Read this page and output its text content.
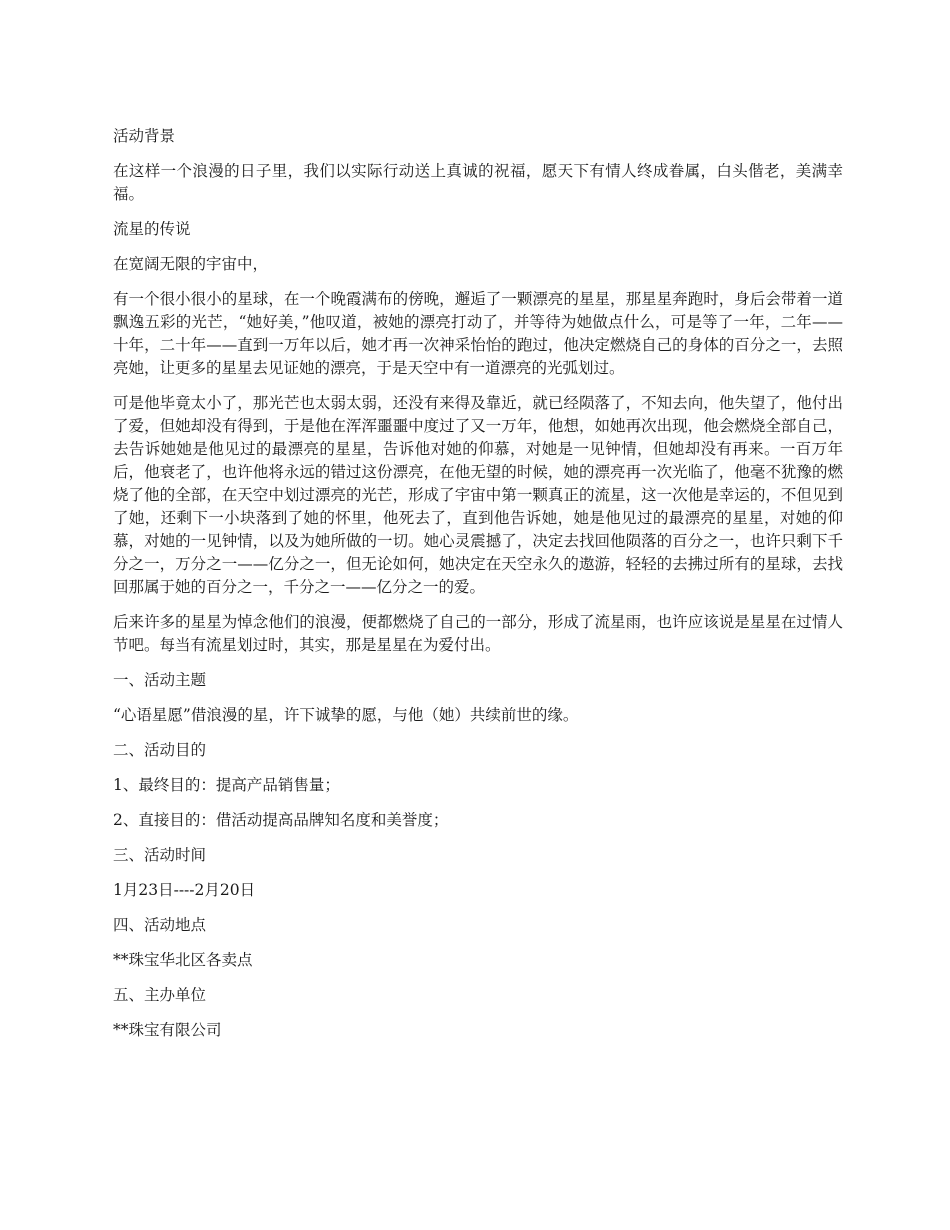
活动背景

在这样一个浪漫的日子里，我们以实际行动送上真诚的祝福，愿天下有情人终成眷属，白头偕老，美满幸福。

流星的传说

在宽阔无限的宇宙中，

有一个很小很小的星球，在一个晚霞满布的傍晚，邂逅了一颗漂亮的星星，那星星奔跑时，身后会带着一道飘逸五彩的光芒，“她好美，”他叹道，被她的漂亮打动了，并等待为她做点什么，可是等了一年，二年——十年，二十年——直到一万年以后，她才再一次神采怡怡的跑过，他决定燃烧自己的身体的百分之一，去照亮她，让更多的星星去见证她的漂亮，于是天空中有一道漂亮的光弧划过。

可是他毕竟太小了，那光芒也太弱太弱，还没有来得及靠近，就已经陨落了，不知去向，他失望了，他付出了爱，但她却没有得到，于是他在浑浑噩噩中度过了又一万年，他想，如她再次出现，他会燃烧全部自己，去告诉她她是他见过的最漂亮的星星，告诉他对她的仰慕，对她是一见钟情，但她却没有再来。一百万年后，他衰老了，也许他将永远的错过这份漂亮，在他无望的时候，她的漂亮再一次光临了，他毫不犹豫的燃烧了他的全部，在天空中划过漂亮的光芒，形成了宇宙中第一颗真正的流星，这一次他是幸运的，不但见到了她，还剩下一小块落到了她的怀里，他死去了，直到他告诉她，她是他见过的最漂亮的星星，对她的仰慕，对她的一见钟情，以及为她所做的一切。她心灵震撼了，决定去找回他陨落的百分之一，也许只剩下千分之一，万分之一——亿分之一，但无论如何，她决定在天空永久的遨游，轻轻的去拂过所有的星球，去找回那属于她的百分之一，千分之一——亿分之一的爱。

后来许多的星星为悼念他们的浪漫，便都燃烧了自己的一部分，形成了流星雨，也许应该说是星星在过情人节吧。每当有流星划过时，其实，那是星星在为爱付出。

一、活动主题

“心语星愿”借浪漫的星，许下诚挚的愿，与他（她）共续前世的缘。

二、活动目的

1、最终目的：提高产品销售量；

2、直接目的：借活动提高品牌知名度和美誉度；

三、活动时间

1月23日----2月20日

四、活动地点

**珠宝华北区各卖点

五、主办单位

**珠宝有限公司
